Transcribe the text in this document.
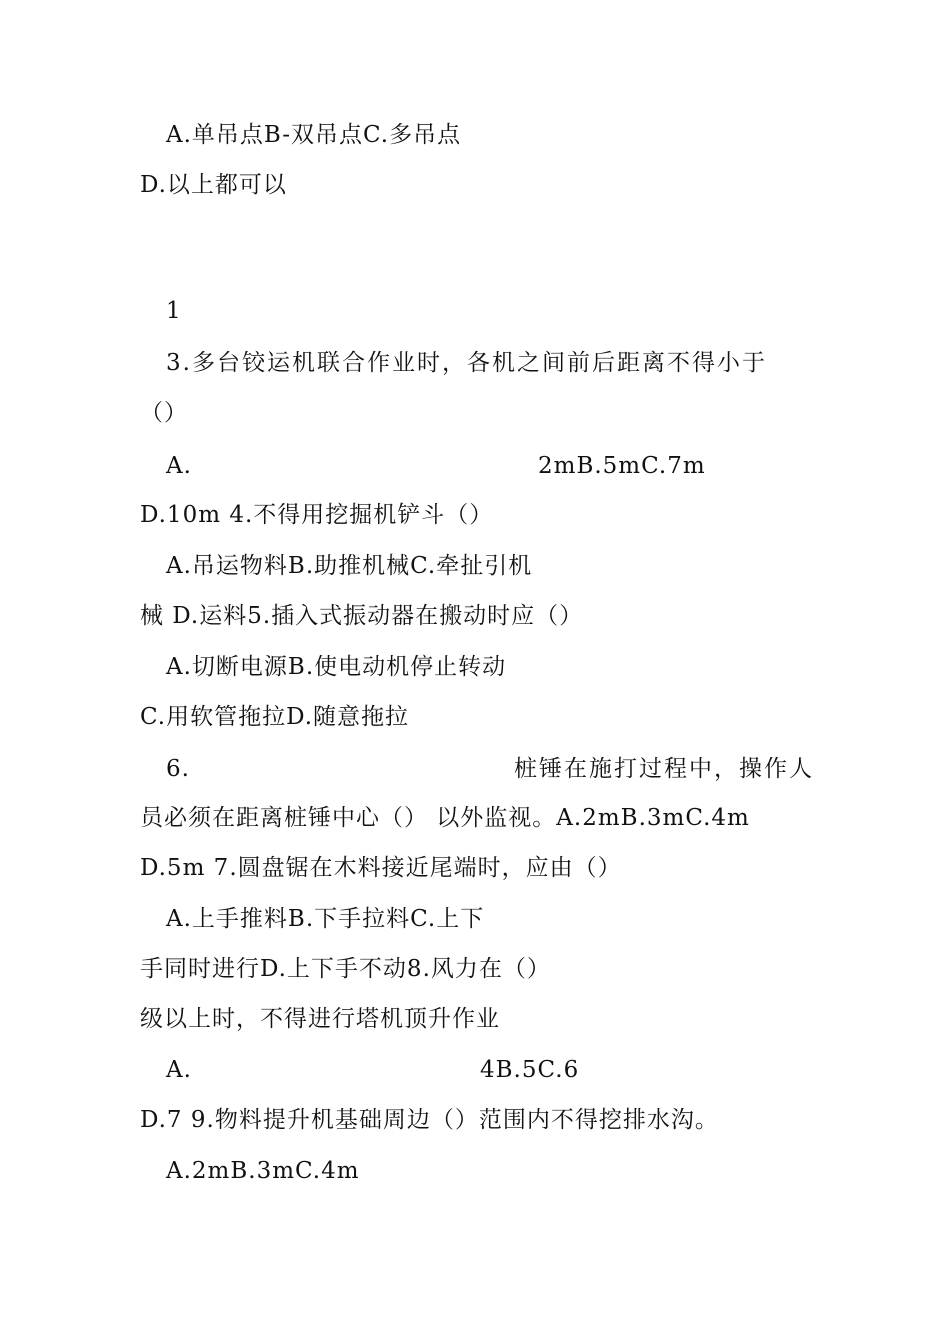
A.单吊点B-双吊点C.多吊点
D.以上都可以
1
3.多台铰运机联合作业时，各机之间前后距离不得小于
（）
A.	2mB.5mC.7m
D.10m 4.不得用挖掘机铲斗（）
A.吊运物料B.助推机械C.牵扯引机
械 D.运料5.插入式振动器在搬动时应（）
A.切断电源B.使电动机停止转动
C.用软管拖拉D.随意拖拉
6.	桩锤在施打过程中，操作人
员必须在距离桩锤中心（） 以外监视。A.2mB.3mC.4m
D.5m 7.圆盘锯在木料接近尾端时，应由（）
A.上手推料B.下手拉料C.上下
手同时进行D.上下手不动8.风力在（）
级以上时，不得进行塔机顶升作业
A.	4B.5C.6
D.7 9.物料提升机基础周边（）范围内不得挖排水沟。
A.2mB.3mC.4m
